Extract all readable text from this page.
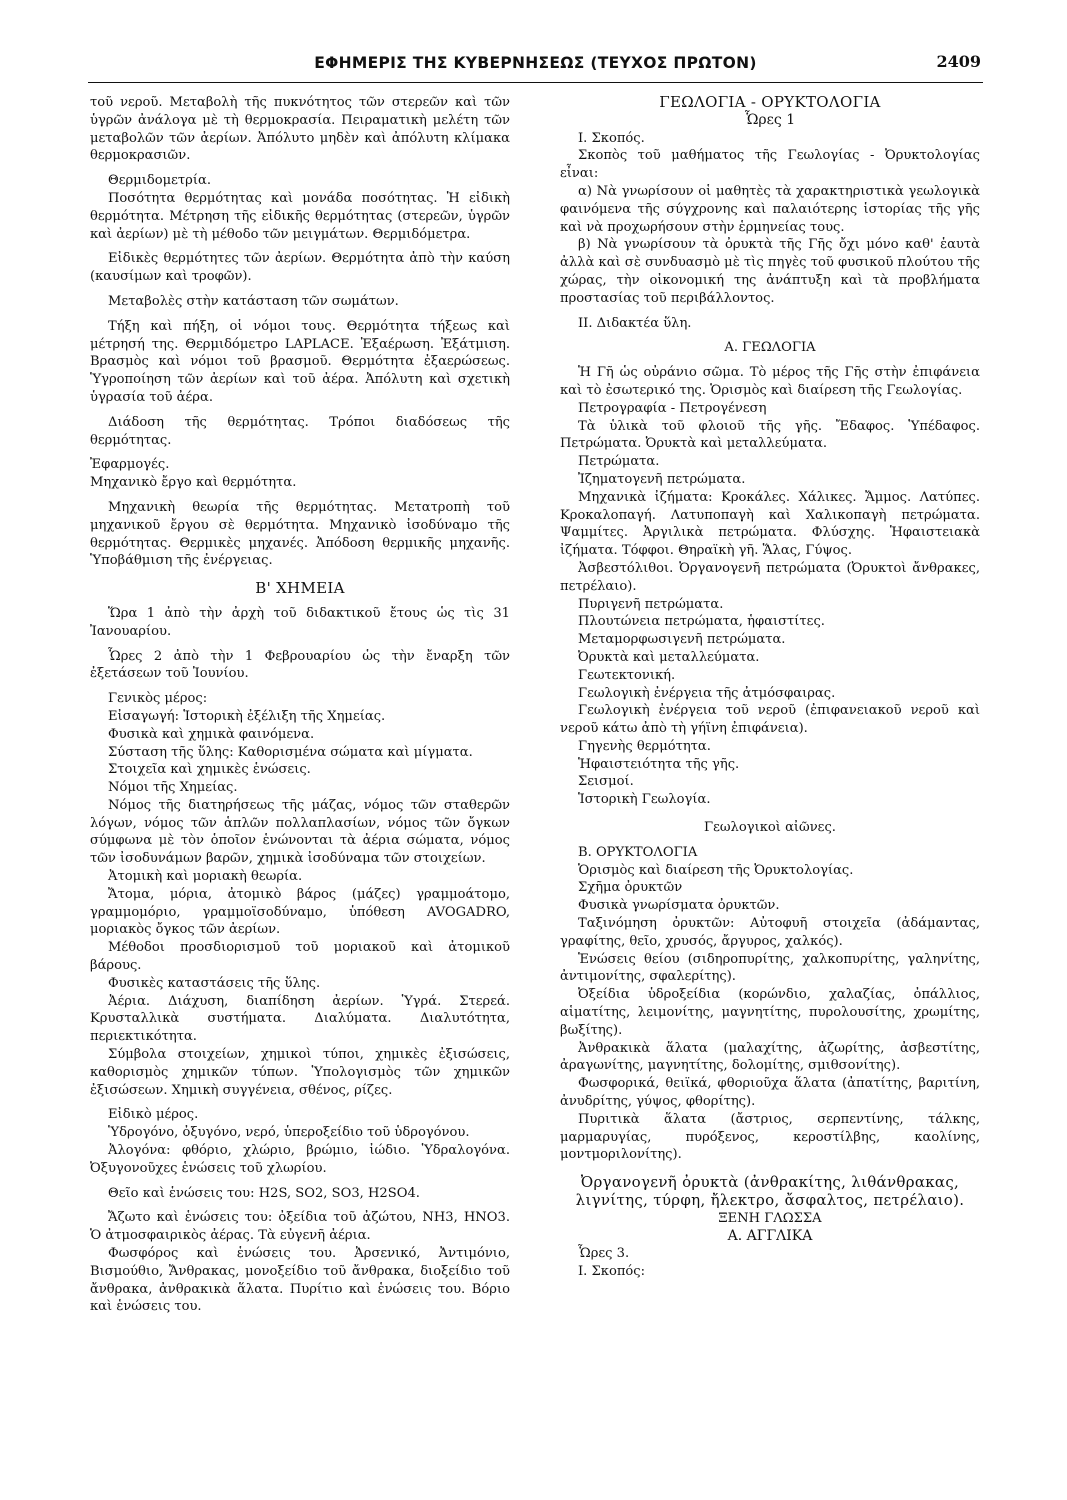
ΕΦΗΜΕΡΙΣ ΤΗΣ ΚΥΒΕΡΝΗΣΕΩΣ (ΤΕΥΧΟΣ ΠΡΩΤΟΝ)	2409

τοῦ νεροῦ. Μεταβολὴ τῆς πυκνότητος τῶν στερεῶν καὶ τῶν ὑγρῶν ἀνάλογα μὲ τὴ θερμοκρασία. Πειραματικὴ μελέτη τῶν μεταβολῶν τῶν ἀερίων. Ἀπόλυτο μηδὲν καὶ ἀπόλυτη κλίμακα θερμοκρασιῶν.

Θερμιδομετρία.

Ποσότητα θερμότητας καὶ μονάδα ποσότητας. Ἡ εἰδικὴ θερμότητα. Μέτρηση τῆς εἰδικῆς θερμότητας (στερεῶν, ὑγρῶν καὶ ἀερίων) μὲ τὴ μέθοδο τῶν μειγμάτων. Θερμιδόμετρα.

Εἰδικὲς θερμότητες τῶν ἀερίων. Θερμότητα ἀπὸ τὴν καύση (καυσίμων καὶ τροφῶν).

Μεταβολὲς στὴν κατάσταση τῶν σωμάτων.

Τήξη καὶ πήξη, οἱ νόμοι τους. Θερμότητα τήξεως καὶ μέτρησή της. Θερμιδόμετρο LAPLACE. Ἐξαέρωση. Ἐξάτμιση. Βρασμὸς καὶ νόμοι τοῦ βρασμοῦ. Θερμότητα ἐξαερώσεως. Ὑγροποίηση τῶν ἀερίων καὶ τοῦ ἀέρα. Ἀπόλυτη καὶ σχετικὴ ὑγρασία τοῦ ἀέρα.

Διάδοση τῆς θερμότητας. Τρόποι διαδόσεως τῆς θερμότητας.

Ἐφαρμογές.

Μηχανικὸ ἔργο καὶ θερμότητα.

Μηχανικὴ θεωρία τῆς θερμότητας. Μετατροπὴ τοῦ μηχανικοῦ ἔργου σὲ θερμότητα. Μηχανικὸ ἰσοδύναμο τῆς θερμότητας. Θερμικὲς μηχανές. Ἀπόδοση θερμικῆς μηχανῆς. Ὑποβάθμιση τῆς ἐνέργειας.

Β' ΧΗΜΕΙΑ

Ὥρα 1 ἀπὸ τὴν ἀρχὴ τοῦ διδακτικοῦ ἔτους ὡς τὶς 31 Ἰανουαρίου.

Ὧρες 2 ἀπὸ τὴν 1 Φεβρουαρίου ὡς τὴν ἔναρξη τῶν ἐξετάσεων τοῦ Ἰουνίου.

Γενικὸς μέρος:

Εἰσαγωγή: Ἱστορικὴ ἐξέλιξη τῆς Χημείας.

Φυσικὰ καὶ χημικὰ φαινόμενα.

Σύσταση τῆς ὕλης: Καθορισμένα σώματα καὶ μίγματα.

Στοιχεῖα καὶ χημικὲς ἑνώσεις.

Νόμοι τῆς Χημείας.

Νόμος τῆς διατηρήσεως τῆς μάζας, νόμος τῶν σταθερῶν λόγων, νόμος τῶν ἁπλῶν πολλαπλασίων, νόμος τῶν ὄγκων σύμφωνα μὲ τὸν ὁποῖον ἑνώνονται τὰ ἀέρια σώματα, νόμος τῶν ἰσοδυνάμων βαρῶν, χημικὰ ἰσοδύναμα τῶν στοιχείων.

Ἀτομικὴ καὶ μοριακὴ θεωρία.

Ἄτομα, μόρια, ἀτομικὸ βάρος (μάζες) γραμμοάτομο, γραμμομόριο, γραμμοϊσοδύναμο, ὑπόθεση AVOGADRO, μοριακὸς ὄγκος τῶν ἀερίων.

Μέθοδοι προσδιορισμοῦ τοῦ μοριακοῦ καὶ ἀτομικοῦ βάρους.

Φυσικὲς καταστάσεις τῆς ὕλης.

Ἀέρια. Διάχυση, διαπίδηση ἀερίων. Ὑγρά. Στερεά. Κρυσταλλικὰ συστήματα. Διαλύματα. Διαλυτότητα, περιεκτικότητα.

Σύμβολα στοιχείων, χημικοὶ τύποι, χημικὲς ἐξισώσεις, καθορισμὸς χημικῶν τύπων. Ὑπολογισμὸς τῶν χημικῶν ἐξισώσεων. Χημικὴ συγγένεια, σθένος, ρίζες.

Εἰδικὸ μέρος.

Ὑδρογόνο, ὀξυγόνο, νερό, ὑπεροξείδιο τοῦ ὑδρογόνου.

Ἀλογόνα: φθόριο, χλώριο, βρώμιο, ἰώδιο. Ὑδραλογόνα. Ὀξυγονοῦχες ἑνώσεις τοῦ χλωρίου.

Θεῖο καὶ ἑνώσεις του: H2S, SO2, SO3, H2SO4.

Ἄζωτο καὶ ἑνώσεις του: ὀξείδια τοῦ ἀζώτου, NH3, HNO3. Ὁ ἀτμοσφαιρικὸς ἀέρας. Τὰ εὐγενῆ ἀέρια.

Φωσφόρος καὶ ἑνώσεις του. Ἀρσενικό, Ἀντιμόνιο, Βισμούθιο, Ἄνθρακας, μονοξείδιο τοῦ ἄνθρακα, διοξείδιο τοῦ ἄνθρακα, ἀνθρακικὰ ἅλατα. Πυρίτιο καὶ ἑνώσεις του. Βόριο καὶ ἑνώσεις του.

ΓΕΩΛΟΓΙΑ - ΟΡΥΚΤΟΛΟΓΙΑ

Ὧρες 1

Ι. Σκοπός.

Σκοπὸς τοῦ μαθήματος τῆς Γεωλογίας - Ὀρυκτολογίας εἶναι:

α) Νὰ γνωρίσουν οἱ μαθητὲς τὰ χαρακτηριστικὰ γεωλογικὰ φαινόμενα τῆς σύγχρονης καὶ παλαιότερης ἱστορίας τῆς γῆς καὶ νὰ προχωρήσουν στὴν ἑρμηνείας τους.

β) Νὰ γνωρίσουν τὰ ὀρυκτὰ τῆς Γῆς ὄχι μόνο καθ' ἑαυτὰ ἀλλὰ καὶ σὲ συνδυασμὸ μὲ τὶς πηγὲς τοῦ φυσικοῦ πλούτου τῆς χώρας, τὴν οἰκονομική της ἀνάπτυξη καὶ τὰ προβλήματα προστασίας τοῦ περιβάλλοντος.

ΙΙ. Διδακτέα ὕλη.

Α. ΓΕΩΛΟΓΙΑ

Ἡ Γῆ ὡς οὐράνιο σῶμα. Τὸ μέρος τῆς Γῆς στὴν ἐπιφάνεια καὶ τὸ ἐσωτερικό της. Ὁρισμὸς καὶ διαίρεση τῆς Γεωλογίας.

Πετρογραφία - Πετρογένεση

Τὰ ὑλικὰ τοῦ φλοιοῦ τῆς γῆς. Ἔδαφος. Ὑπέδαφος. Πετρώματα. Ὀρυκτὰ καὶ μεταλλεύματα.

Πετρώματα.

Ἰζηματογενῆ πετρώματα.

Μηχανικὰ ἰζήματα: Κροκάλες. Χάλικες. Ἄμμος. Λατύπες. Κροκαλοπαγή. Λατυποπαγὴ καὶ Χαλικοπαγὴ πετρώματα. Ψαμμίτες. Ἀργιλικὰ πετρώματα. Φλύσχης. Ἡφαιστειακὰ ἰζήματα. Τόφφοι. Θηραϊκὴ γῆ. Ἅλας, Γύψος.

Ἀσβεστόλιθοι. Ὀργανογενῆ πετρώματα (Ὀρυκτοὶ ἄνθρακες, πετρέλαιο).

Πυριγενῆ πετρώματα.

Πλουτώνεια πετρώματα, ἡφαιστίτες.

Μεταμορφωσιγενῆ πετρώματα.

Ὀρυκτὰ καὶ μεταλλεύματα.

Γεωτεκτονική.

Γεωλογικὴ ἐνέργεια τῆς ἀτμόσφαιρας.

Γεωλογικὴ ἐνέργεια τοῦ νεροῦ (ἐπιφανειακοῦ νεροῦ καὶ νεροῦ κάτω ἀπὸ τὴ γήϊνη ἐπιφάνεια).

Γηγενὴς θερμότητα.

Ἡφαιστειότητα τῆς γῆς.

Σεισμοί.

Ἱστορικὴ Γεωλογία.

Γεωλογικοὶ αἰῶνες.

Β. ΟΡΥΚΤΟΛΟΓΙΑ

Ὁρισμὸς καὶ διαίρεση τῆς Ὀρυκτολογίας.

Σχῆμα ὀρυκτῶν

Φυσικὰ γνωρίσματα ὀρυκτῶν.

Ταξινόμηση ὀρυκτῶν: Αὐτοφυῆ στοιχεῖα (ἀδάμαντας, γραφίτης, θεῖο, χρυσός, ἄργυρος, χαλκός).

Ἑνώσεις θείου (σιδηροπυρίτης, χαλκοπυρίτης, γαληνίτης, ἀντιμονίτης, σφαλερίτης).

Ὀξείδια ὑδροξείδια (κορώνδιο, χαλαζίας, ὀπάλλιος, αἱματίτης, λειμονίτης, μαγνητίτης, πυρολουσίτης, χρωμίτης, βωξίτης).

Ἀνθρακικὰ ἅλατα (μαλαχίτης, ἀζωρίτης, ἀσβεστίτης, ἀραγωνίτης, μαγνητίτης, δολομίτης, σμιθσονίτης).

Φωσφορικά, θειϊκά, φθοριοῦχα ἅλατα (ἀπατίτης, βαριτίνη, ἀνυδρίτης, γύψος, φθορίτης).

Πυριτικὰ ἅλατα (ἄστριος, σερπεντίνης, τάλκης, μαρμαρυγίας, πυρόξενος, κεροστίλβης, καολίνης, μοντμοριλονίτης).

Ὀργανογενῆ ὀρυκτὰ (ἀνθρακίτης, λιθάνθρακας, λιγνίτης, τύρφη, ἤλεκτρο, ἄσφαλτος, πετρέλαιο).

ΞΕΝΗ ΓΛΩΣΣΑ

Α. ΑΓΓΛΙΚΑ

Ὧρες 3.

Ι. Σκοπός:
